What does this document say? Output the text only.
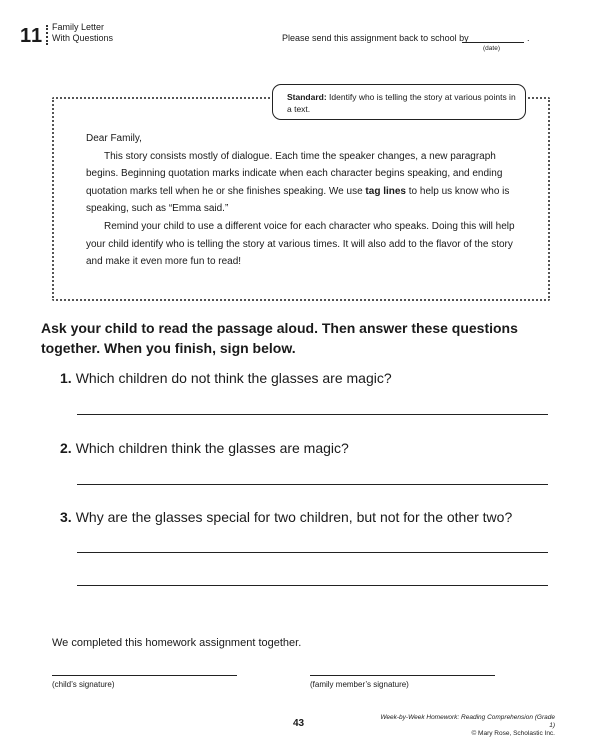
11 Family Letter
With Questions	Please send this assignment back to school by	.
(date)
Standard: Identify who is telling the story at various points in a text.

Dear Family,

This story consists mostly of dialogue. Each time the speaker changes, a new paragraph begins. Beginning quotation marks indicate when each character begins speaking, and ending quotation marks tell when he or she finishes speaking. We use tag lines to help us know who is speaking, such as “Emma said.”

Remind your child to use a different voice for each character who speaks. Doing this will help your child identify who is telling the story at various times. It will also add to the flavor of the story and make it even more fun to read!

Ask your child to read the passage aloud. Then answer these questions together. When you finish, sign below.
1. Which children do not think the glasses are magic?
2. Which children think the glasses are magic?
3. Why are the glasses special for two children, but not for the other two?
We completed this homework assignment together.
(child’s signature)	(family member’s signature)
43
Week-by-Week Homework: Reading Comprehension (Grade 1)
© Mary Rose, Scholastic Inc.
